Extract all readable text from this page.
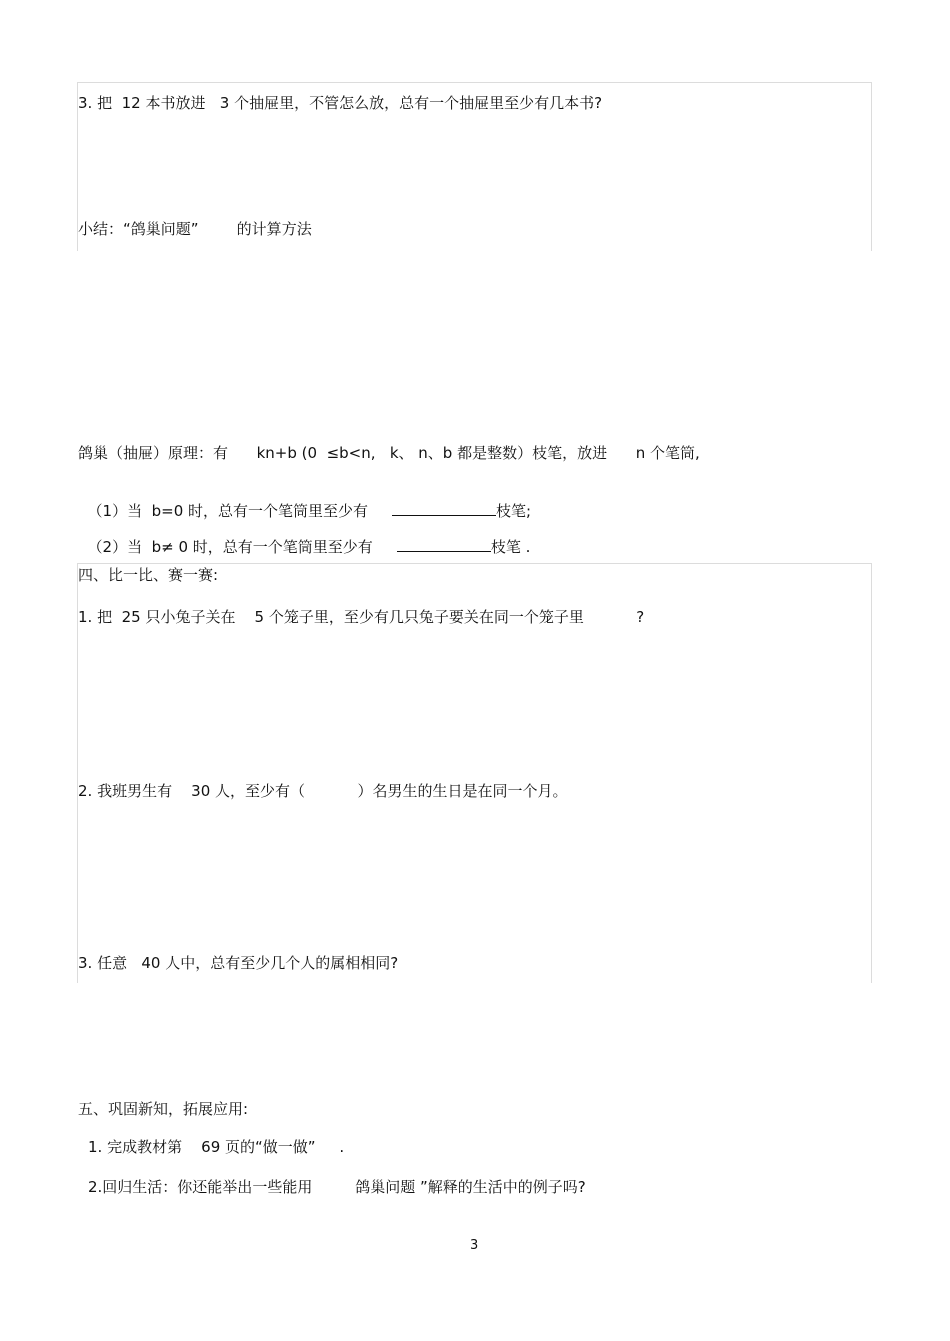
3. 把  12 本书放进   3 个抽屉里，不管怎么放，总有一个抽屉里至少有几本书?
小结：“鸽巢问题”        的计算方法
鸽巢（抽屉）原理：有      kn+b (0  ≤b<n,   k、 n、b 都是整数）枝笔，放进      n 个笔筒,

（1）当  b=0 时，总有一个笔筒里至少有	枝笔;

（2）当  b≠ 0 时，总有一个笔筒里至少有	枝笔 .

四、比一比、赛一赛:
1. 把  25 只小兔子关在    5 个笼子里，至少有几只兔子要关在同一个笼子里           ?
2. 我班男生有    30 人，至少有（           ）名男生的生日是在同一个月。
3. 任意   40 人中，总有至少几个人的属相相同?
五、巩固新知，拓展应用:
1. 完成教材第    69 页的“做一做”     .
2.回归生活：你还能举出一些能用         鸽巢问题 ”解释的生活中的例子吗?
3
